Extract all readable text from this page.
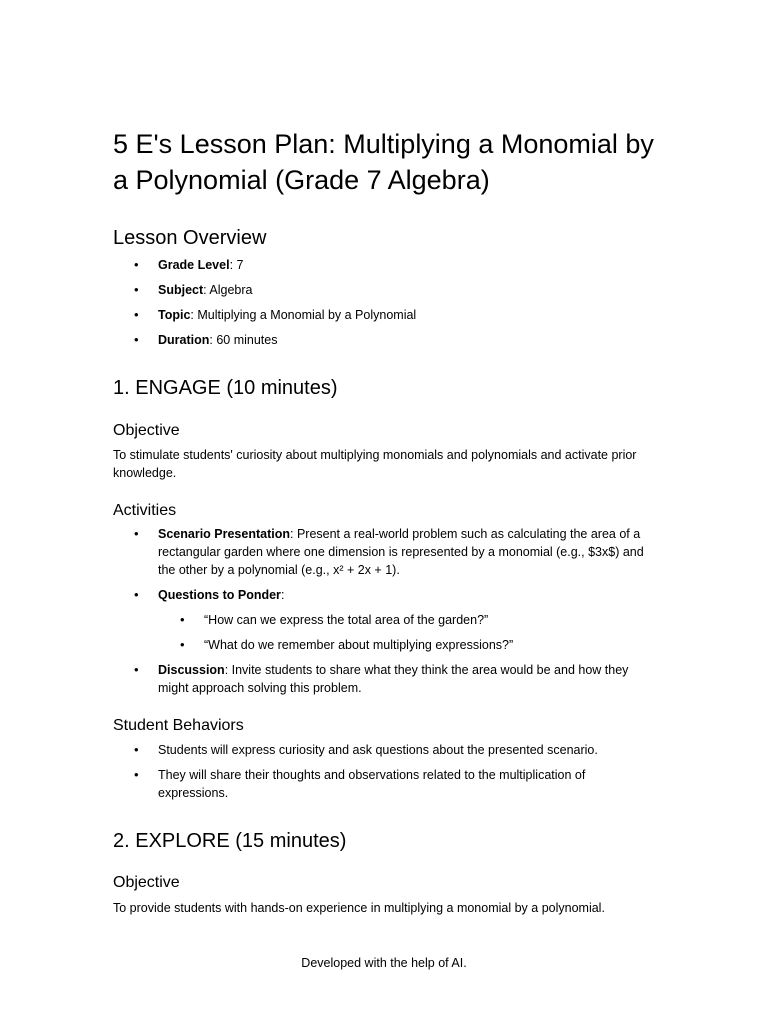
5 E's Lesson Plan: Multiplying a Monomial by a Polynomial (Grade 7 Algebra)
Lesson Overview
• Grade Level: 7
• Subject: Algebra
• Topic: Multiplying a Monomial by a Polynomial
• Duration: 60 minutes
1. ENGAGE (10 minutes)
Objective

To stimulate students' curiosity about multiplying monomials and polynomials and activate prior knowledge.

Activities
• Scenario Presentation: Present a real-world problem such as calculating the area of a rectangular garden where one dimension is represented by a monomial (e.g., $3x$) and the other by a polynomial (e.g., x² + 2x + 1).
• Questions to Ponder:
• “How can we express the total area of the garden?”
• “What do we remember about multiplying expressions?”
• Discussion: Invite students to share what they think the area would be and how they might approach solving this problem.
Student Behaviors
• Students will express curiosity and ask questions about the presented scenario.
• They will share their thoughts and observations related to the multiplication of expressions.
2. EXPLORE (15 minutes)
Objective

To provide students with hands-on experience in multiplying a monomial by a polynomial.

Developed with the help of AI.
